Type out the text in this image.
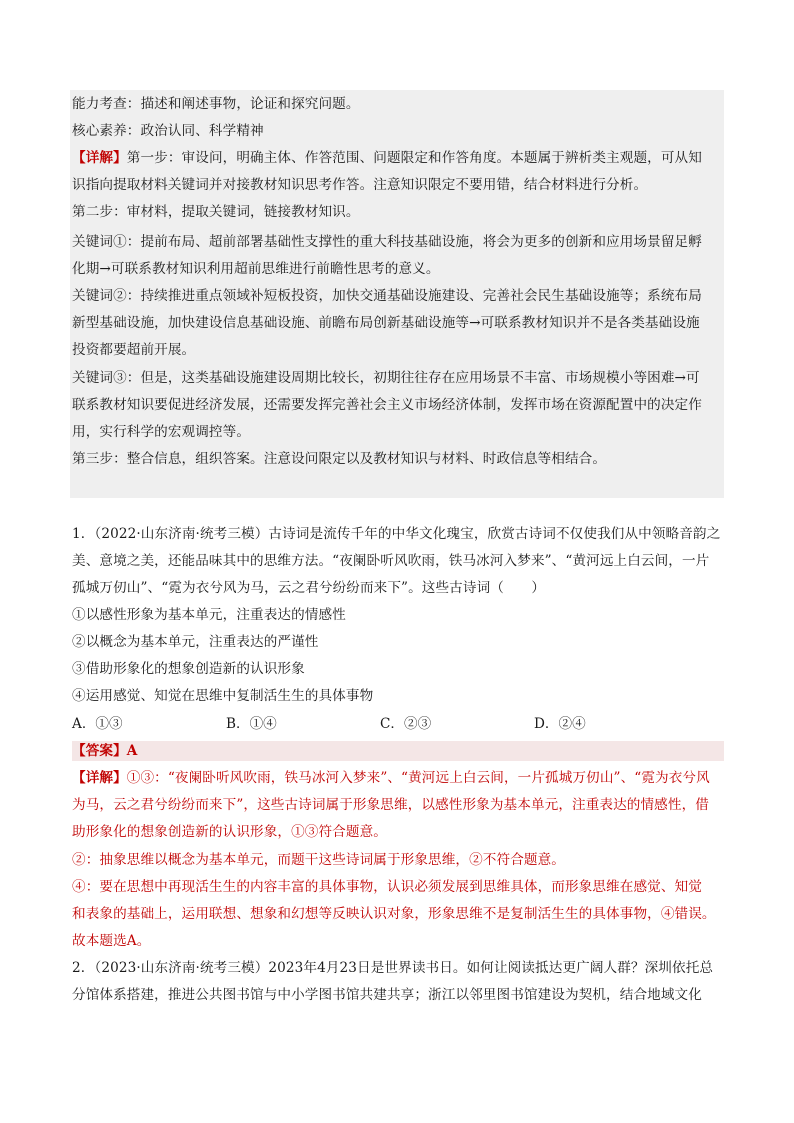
能力考查：描述和阐述事物，论证和探究问题。
核心素养：政治认同、科学精神
【详解】第一步：审设问，明确主体、作答范围、问题限定和作答角度。本题属于辨析类主观题，可从知
识指向提取材料关键词并对接教材知识思考作答。注意知识限定不要用错，结合材料进行分析。
第二步：审材料，提取关键词，链接教材知识。
关键词①：提前布局、超前部署基础性支撑性的重大科技基础设施，将会为更多的创新和应用场景留足孵
化期→可联系教材知识利用超前思维进行前瞻性思考的意义。
关键词②：持续推进重点领域补短板投资，加快交通基础设施建设、完善社会民生基础设施等；系统布局
新型基础设施，加快建设信息基础设施、前瞻布局创新基础设施等→可联系教材知识并不是各类基础设施
投资都要超前开展。
关键词③：但是，这类基础设施建设周期比较长，初期往往存在应用场景不丰富、市场规模小等困难→可
联系教材知识要促进经济发展，还需要发挥完善社会主义市场经济体制，发挥市场在资源配置中的决定作
用，实行科学的宏观调控等。
第三步：整合信息，组织答案。注意设问限定以及教材知识与材料、时政信息等相结合。
1．（2022·山东济南·统考三模）古诗词是流传千年的中华文化瑰宝，欣赏古诗词不仅使我们从中领略音韵之
美、意境之美，还能品味其中的思维方法。“夜阑卧听风吹雨，铁马冰河入梦来”、“黄河远上白云间，一片
孤城万仞山”、“霓为衣兮风为马，云之君兮纷纷而来下”。这些古诗词（　　）
①以感性形象为基本单元，注重表达的情感性
②以概念为基本单元，注重表达的严谨性
③借助形象化的想象创造新的认识形象
④运用感觉、知觉在思维中复制活生生的具体事物
A．①③	B．①④	C．②③	D．②④
【答案】A
【详解】①③：“夜阑卧听风吹雨，铁马冰河入梦来”、“黄河远上白云间，一片孤城万仞山”、“霓为衣兮风
为马，云之君兮纷纷而来下”，这些古诗词属于形象思维，以感性形象为基本单元，注重表达的情感性，借
助形象化的想象创造新的认识形象，①③符合题意。
②：抽象思维以概念为基本单元，而题干这些诗词属于形象思维，②不符合题意。
④：要在思想中再现活生生的内容丰富的具体事物，认识必须发展到思维具体，而形象思维在感觉、知觉
和表象的基础上，运用联想、想象和幻想等反映认识对象，形象思维不是复制活生生的具体事物，④错误。
故本题选A。
2．（2023·山东济南·统考三模）2023年4月23日是世界读书日。如何让阅读抵达更广阔人群？深圳依托总
分馆体系搭建，推进公共图书馆与中小学图书馆共建共享；浙江以邻里图书馆建设为契机，结合地域文化
